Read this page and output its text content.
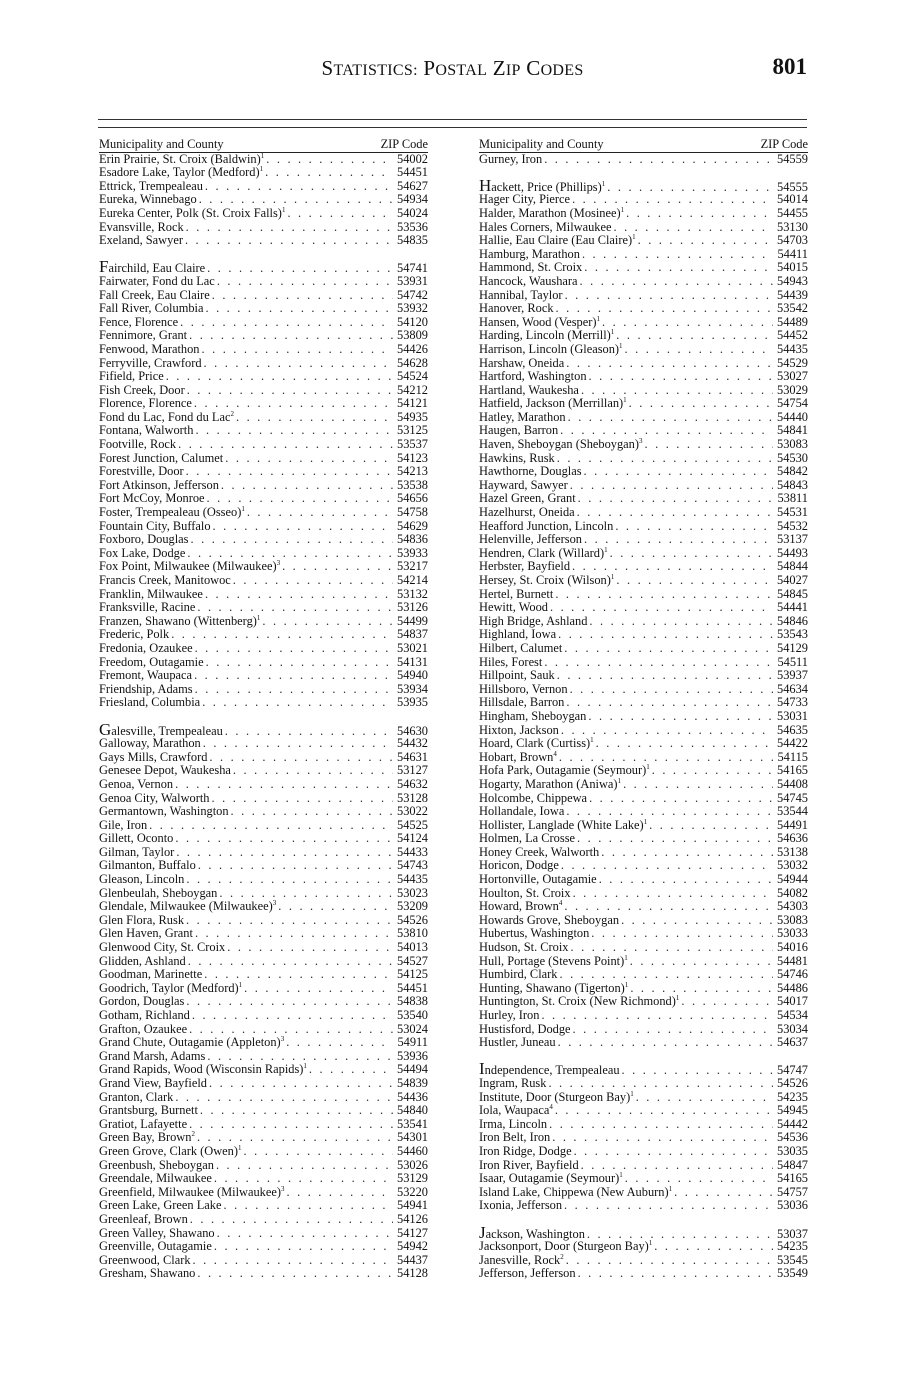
STATISTICS: POSTAL ZIP CODES	801
Municipality and County	ZIP Code
Erin Prairie, St. Croix (Baldwin)$^1$ . . .	54002
Esadore Lake, Taylor (Medford)$^1$ . . .	54451
Ettrick, Trempealeau . . .	54627
Eureka, Winnebago . . .	54934
Eureka Center, Polk (St. Croix Falls)$^1$ . . .	54024
Evansville, Rock . . .	53536
Exeland, Sawyer . . .	54835
Fairchild, Eau Claire . . .	54741
Fairwater, Fond du Lac . . .	53931
Fall Creek, Eau Claire . . .	54742
Fall River, Columbia . . .	53932
Fence, Florence . . .	54120
Fennimore, Grant . . .	53809
Fenwood, Marathon . . .	54426
Ferryville, Crawford . . .	54628
Fifield, Price . . .	54524
Fish Creek, Door . . .	54212
Florence, Florence . . .	54121
Fond du Lac, Fond du Lac$^2$ . . .	54935
Fontana, Walworth . . .	53125
Footville, Rock . . .	53537
Forest Junction, Calumet . . .	54123
Forestville, Door . . .	54213
Fort Atkinson, Jefferson . . .	53538
Fort McCoy, Monroe . . .	54656
Foster, Trempealeau (Osseo)$^1$ . . .	54758
Fountain City, Buffalo . . .	54629
Foxboro, Douglas . . .	54836
Fox Lake, Dodge . . .	53933
Fox Point, Milwaukee (Milwaukee)$^3$ . . .	53217
Francis Creek, Manitowoc . . .	54214
Franklin, Milwaukee . . .	53132
Franksville, Racine . . .	53126
Franzen, Shawano (Wittenberg)$^1$ . . .	54499
Frederic, Polk . . .	54837
Fredonia, Ozaukee . . .	53021
Freedom, Outagamie . . .	54131
Fremont, Waupaca . . .	54940
Friendship, Adams . . .	53934
Friesland, Columbia . . .	53935
Galesville, Trempealeau . . .	54630
Galloway, Marathon . . .	54432
Gays Mills, Crawford . . .	54631
Genesee Depot, Waukesha . . .	53127
Genoa, Vernon . . .	54632
Genoa City, Walworth . . .	53128
Germantown, Washington . . .	53022
Gile, Iron . . .	54525
Gillett, Oconto . . .	54124
Gilman, Taylor . . .	54433
Gilmanton, Buffalo . . .	54743
Gleason, Lincoln . . .	54435
Glenbeulah, Sheboygan . . .	53023
Glendale, Milwaukee (Milwaukee)$^3$ . . .	53209
Glen Flora, Rusk . . .	54526
Glen Haven, Grant . . .	53810
Glenwood City, St. Croix . . .	54013
Glidden, Ashland . . .	54527
Goodman, Marinette . . .	54125
Goodrich, Taylor (Medford)$^1$ . . .	54451
Gordon, Douglas . . .	54838
Gotham, Richland . . .	53540
Grafton, Ozaukee . . .	53024
Grand Chute, Outagamie (Appleton)$^3$ . . .	54911
Grand Marsh, Adams . . .	53936
Grand Rapids, Wood (Wisconsin Rapids)$^1$ . . .	54494
Grand View, Bayfield . . .	54839
Granton, Clark . . .	54436
Grantsburg, Burnett . . .	54840
Gratiot, Lafayette . . .	53541
Green Bay, Brown$^2$ . . .	54301
Green Grove, Clark (Owen)$^1$ . . .	54460
Greenbush, Sheboygan . . .	53026
Greendale, Milwaukee . . .	53129
Greenfield, Milwaukee (Milwaukee)$^3$ . . .	53220
Green Lake, Green Lake . . .	54941
Greenleaf, Brown . . .	54126
Green Valley, Shawano . . .	54127
Greenville, Outagamie . . .	54942
Greenwood, Clark . . .	54437
Gresham, Shawano . . .	54128
Municipality and County	ZIP Code
Gurney, Iron . . .	54559
Hackett, Price (Phillips)$^1$ . . .	54555
Hager City, Pierce . . .	54014
Halder, Marathon (Mosinee)$^1$ . . .	54455
Hales Corners, Milwaukee . . .	53130
Hallie, Eau Claire (Eau Claire)$^1$ . . .	54703
Hamburg, Marathon . . .	54411
Hammond, St. Croix . . .	54015
Hancock, Waushara . . .	54943
Hannibal, Taylor . . .	54439
Hanover, Rock . . .	53542
Hansen, Wood (Vesper)$^1$ . . .	54489
Harding, Lincoln (Merrill)$^1$ . . .	54452
Harrison, Lincoln (Gleason)$^1$ . . .	54435
Harshaw, Oneida . . .	54529
Hartford, Washington . . .	53027
Hartland, Waukesha . . .	53029
Hatfield, Jackson (Merrillan)$^1$ . . .	54754
Hatley, Marathon . . .	54440
Haugen, Barron . . .	54841
Haven, Sheboygan (Sheboygan)$^3$ . . .	53083
Hawkins, Rusk . . .	54530
Hawthorne, Douglas . . .	54842
Hayward, Sawyer . . .	54843
Hazel Green, Grant . . .	53811
Hazelhurst, Oneida . . .	54531
Heafford Junction, Lincoln . . .	54532
Helenville, Jefferson . . .	53137
Hendren, Clark (Willard)$^1$ . . .	54493
Herbster, Bayfield . . .	54844
Hersey, St. Croix (Wilson)$^1$ . . .	54027
Hertel, Burnett . . .	54845
Hewitt, Wood . . .	54441
High Bridge, Ashland . . .	54846
Highland, Iowa . . .	53543
Hilbert, Calumet . . .	54129
Hiles, Forest . . .	54511
Hillpoint, Sauk . . .	53937
Hillsboro, Vernon . . .	54634
Hillsdale, Barron . . .	54733
Hingham, Sheboygan . . .	53031
Hixton, Jackson . . .	54635
Hoard, Clark (Curtiss)$^1$ . . .	54422
Hobart, Brown$^4$ . . .	54115
Hofa Park, Outagamie (Seymour)$^1$ . . .	54165
Hogarty, Marathon (Aniwa)$^1$ . . .	54408
Holcombe, Chippewa . . .	54745
Hollandale, Iowa . . .	53544
Hollister, Langlade (White Lake)$^1$ . . .	54491
Holmen, La Crosse . . .	54636
Honey Creek, Walworth . . .	53138
Horicon, Dodge . . .	53032
Hortonville, Outagamie . . .	54944
Houlton, St. Croix . . .	54082
Howard, Brown$^4$ . . .	54303
Howards Grove, Sheboygan . . .	53083
Hubertus, Washington . . .	53033
Hudson, St. Croix . . .	54016
Hull, Portage (Stevens Point)$^1$ . . .	54481
Humbird, Clark . . .	54746
Hunting, Shawano (Tigerton)$^1$ . . .	54486
Huntington, St. Croix (New Richmond)$^1$ . . .	54017
Hurley, Iron . . .	54534
Hustisford, Dodge . . .	53034
Hustler, Juneau . . .	54637
Independence, Trempealeau . . .	54747
Ingram, Rusk . . .	54526
Institute, Door (Sturgeon Bay)$^1$ . . .	54235
Iola, Waupaca$^4$ . . .	54945
Irma, Lincoln . . .	54442
Iron Belt, Iron . . .	54536
Iron Ridge, Dodge . . .	53035
Iron River, Bayfield . . .	54847
Isaar, Outagamie (Seymour)$^1$ . . .	54165
Island Lake, Chippewa (New Auburn)$^1$ . . .	54757
Ixonia, Jefferson . . .	53036
Jackson, Washington . . .	53037
Jacksonport, Door (Sturgeon Bay)$^1$ . . .	54235
Janesville, Rock$^2$ . . .	53545
Jefferson, Jefferson . . .	53549
